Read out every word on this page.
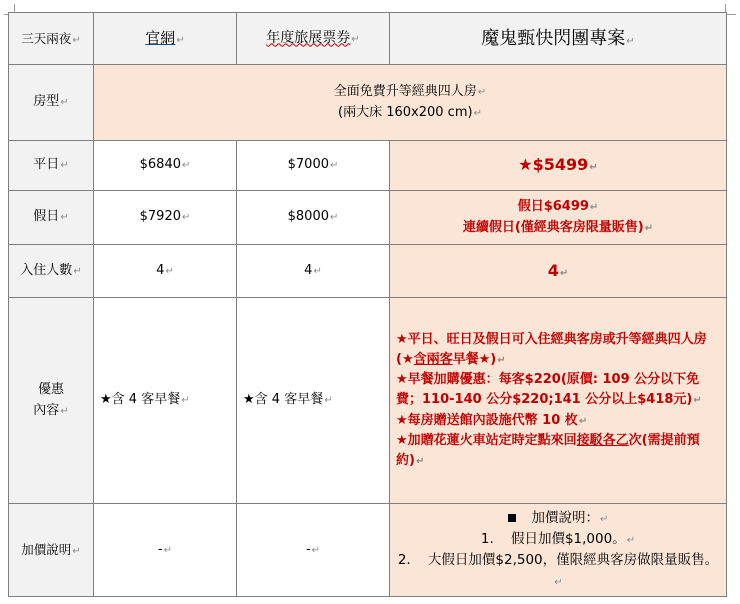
三天兩夜↵	官網↵	年度旅展票券↵	魔鬼甄快閃團專案↵
房型↵	全面免費升等經典四人房↵
(兩大床 160x200 cm)↵		

平日↵	$6840↵	$7000↵	★$5499↵
假日↵	$7920↵	$8000↵	假日$6499↵
連續假日(僅經典客房限量販售)↵

入住人數↵	4↵	4↵	4↵

優惠
內容↵	★含 4 客早餐↵	★含 4 客早餐↵	★平日、旺日及假日可入住經典客房或升等經典四人房(★含兩客早餐★)↵
★早餐加購優惠：每客$220(原價: 109 公分以下免費；110-140 公分$220;141 公分以上$418元)↵
★每房贈送館內設施代幣 10 枚↵
★加贈花蓮火車站定時定點來回接駁各乙次(需提前預約)↵

加價說明↵	-↵	-↵	加價說明：↵
1. 假日加價$1,000。↵
2. 大假日加價$2,500，僅限經典客房做限量販售。↵
